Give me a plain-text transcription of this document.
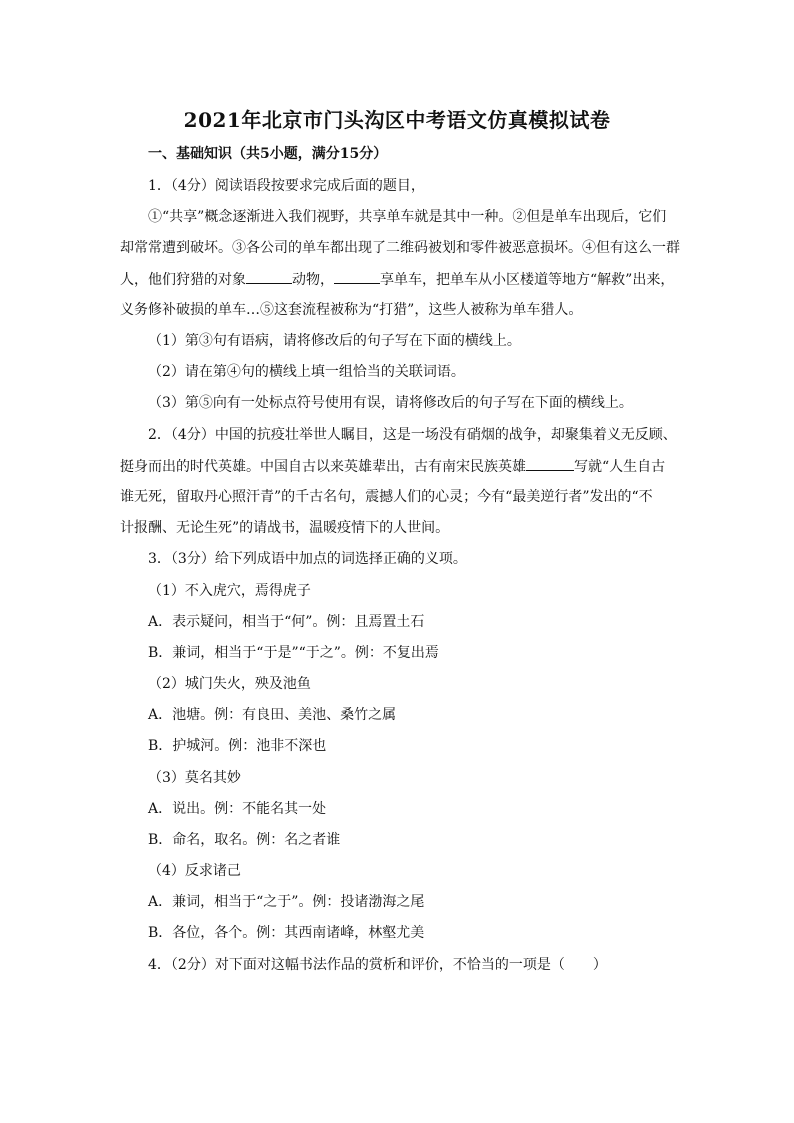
2021年北京市门头沟区中考语文仿真模拟试卷
一、基础知识（共5小题，满分15分）
1．（4分）阅读语段按要求完成后面的题目，
①“共享”概念逐渐进入我们视野，共享单车就是其中一种。②但是单车出现后，它们
却常常遭到破坏。③各公司的单车都出现了二维码被划和零件被恶意损坏。④但有这么一群
人，他们狩猎的对象	动物，	享单车，把单车从小区楼道等地方“解救”出来，
义务修补破损的单车…⑤这套流程被称为“打猎”，这些人被称为单车猎人。
（1）第③句有语病，请将修改后的句子写在下面的横线上。
（2）请在第④句的横线上填一组恰当的关联词语。
（3）第⑤向有一处标点符号使用有误，请将修改后的句子写在下面的横线上。
2．（4分）中国的抗疫壮举世人瞩目，这是一场没有硝烟的战争，却聚集着义无反顾、
挺身而出的时代英雄。中国自古以来英雄辈出，古有南宋民族英雄	写就“人生自古
谁无死，留取丹心照汗青”的千古名句，震撼人们的心灵；今有“最美逆行者”发出的“不
计报酬、无论生死”的请战书，温暖疫情下的人世间。
3．（3分）给下列成语中加点的词选择正确的义项。
（1）不入虎穴，焉得虎子
A．表示疑问，相当于“何”。例：且焉置土石
B．兼词，相当于“于是”“于之”。例：不复出焉
（2）城门失火，殃及池鱼
A．池塘。例：有良田、美池、桑竹之属
B．护城河。例：池非不深也
（3）莫名其妙
A．说出。例：不能名其一处
B．命名，取名。例：名之者谁
（4）反求诸己
A．兼词，相当于“之于”。例：投诸渤海之尾
B．各位，各个。例：其西南诸峰，林壑尤美
4．（2分）对下面对这幅书法作品的赏析和评价，不恰当的一项是（ ）
